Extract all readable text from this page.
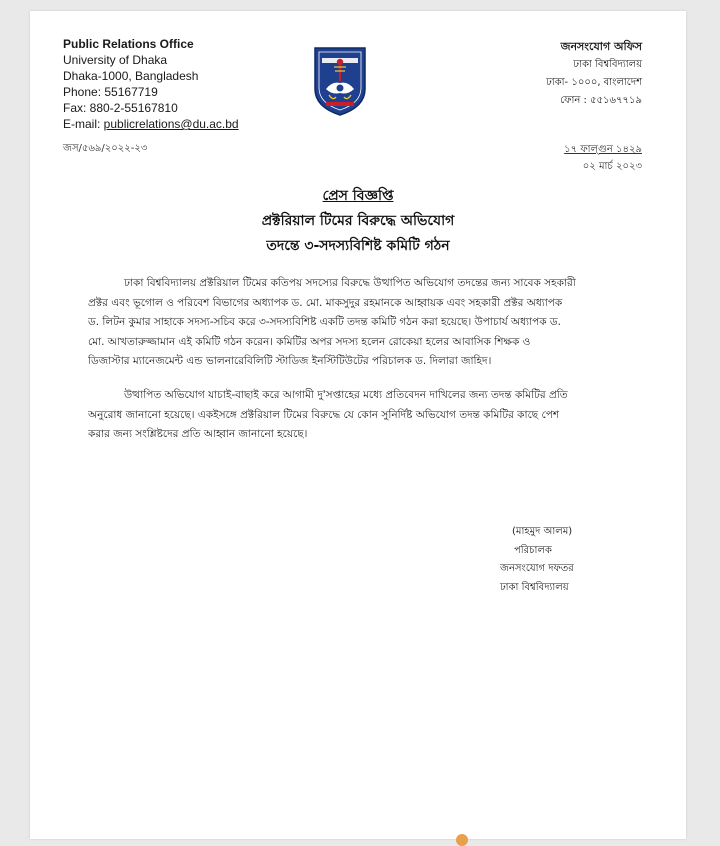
Public Relations Office
University of Dhaka
Dhaka-1000, Bangladesh
Phone: 55167719
Fax: 880-2-55167810
E-mail: publicrelations@du.ac.bd
জনসংযোগ অফিস
ঢাকা বিশ্ববিদ্যালয়
ঢাকা- ১০০০, বাংলাদেশ
ফোন : ৫৫১৬৭৭১৯
জস/৫৬৯/২০২২-২৩	১৭ ফাল্গুন ১৪২৯
০২ মার্চ ২০২৩
প্রেস বিজ্ঞপ্তি
প্রক্টরিয়াল টিমের বিরুদ্ধে অভিযোগ
তদন্তে ৩-সদস্যবিশিষ্ট কমিটি গঠন
ঢাকা বিশ্ববিদ্যালয় প্রক্টরিয়াল টিমের কতিপয় সদস্যের বিরুদ্ধে উত্থাপিত অভিযোগ তদন্তের জন্য সাবেক সহকারী
প্রক্টর এবং ভূগোল ও পরিবেশ বিভাগের অধ্যাপক ড. মো. মাকসুদুর রহমানকে আহ্বায়ক এবং সহকারী প্রক্টর অধ্যাপক
ড. লিটন কুমার সাহাকে সদস্য-সচিব করে ৩-সদস্যবিশিষ্ট একটি তদন্ত কমিটি গঠন করা হয়েছে। উপাচার্য অধ্যাপক ড.
মো. আখতারুজ্জামান এই কমিটি গঠন করেন। কমিটির অপর সদস্য হলেন রোকেয়া হলের আবাসিক শিক্ষক ও
ডিজাস্টার ম্যানেজমেন্ট এন্ড ভালনারেবিলিটি স্টাডিজ ইনস্টিটিউটের পরিচালক ড. দিলারা জাহিদ।
উত্থাপিত অভিযোগ যাচাই-বাছাই করে আগামী দু'সপ্তাহের মধ্যে প্রতিবেদন দাখিলের জন্য তদন্ত কমিটির প্রতি
অনুরোধ জানানো হয়েছে। একইসঙ্গে প্রক্টরিয়াল টিমের বিরুদ্ধে যে কোন সুনির্দিষ্ট অভিযোগ তদন্ত কমিটির কাছে পেশ
করার জন্য সংশ্লিষ্টদের প্রতি আহ্বান জানানো হয়েছে।
(মাহমুদ আলম)
পরিচালক
জনসংযোগ দফতর
ঢাকা বিশ্ববিদ্যালয়
